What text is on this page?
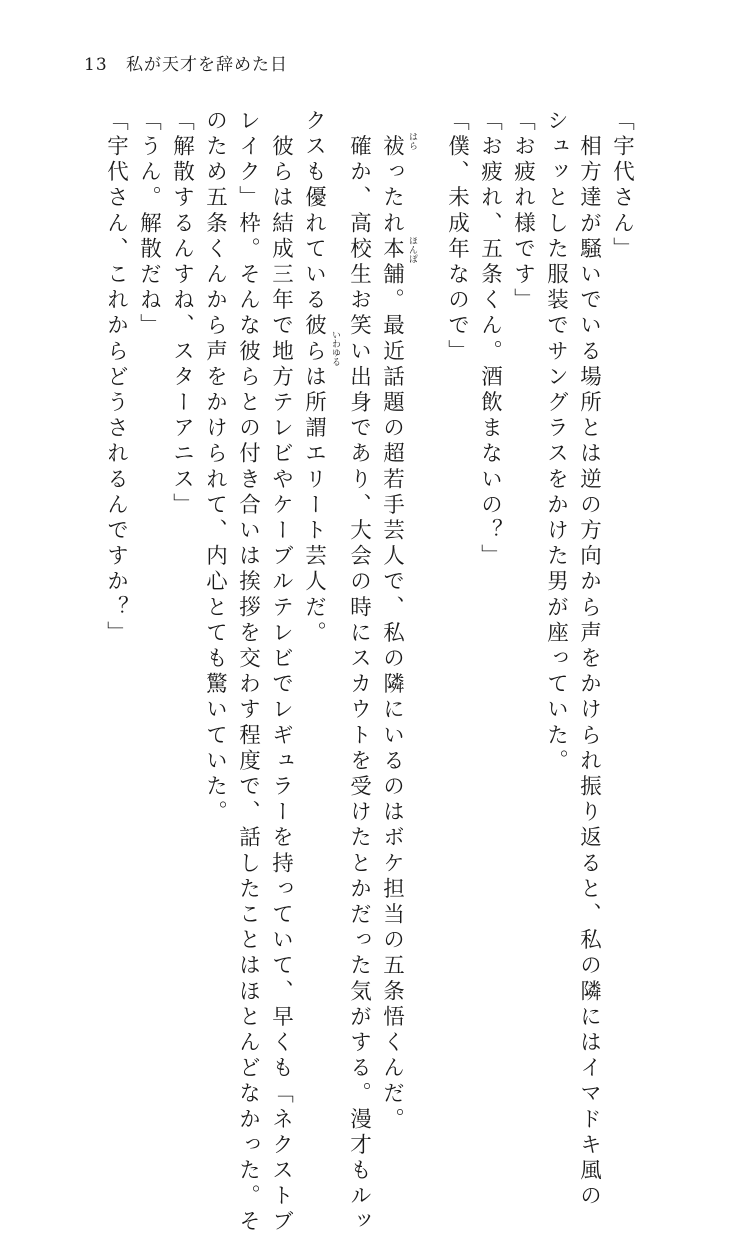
13 私が天才を辞めた日
「宇代さん」
　相方達が騒いでいる場所とは逆の方向から声をかけられ振り返ると、私の隣にはイマドキ風の
シュッとした服装でサングラスをかけた男が座っていた。
「お疲れ様です」
「お疲れ、五条くん。酒飲まないの？」
「僕、未成年なので」
　祓ったれ本舗。最近話題の超若手芸人で、私の隣にいるのはボケ担当の五条悟くんだ。
　確か、高校生お笑い出身であり、大会の時にスカウトを受けたとかだった気がする。漫才もルッ
クスも優れている彼らは所謂エリート芸人だ。
　彼らは結成三年で地方テレビやケーブルテレビでレギュラーを持っていて、早くも「ネクストブ
レイク」枠。そんな彼らとの付き合いは挨拶を交わす程度で、話したことはほとんどなかった。そ
のため五条くんから声をかけられて、内心とても驚いていた。
「解散するんすね、スターアニス」
「うん。解散だね」
「宇代さん、これからどうされるんですか？」	はら
ほんぽ
いわゆる
